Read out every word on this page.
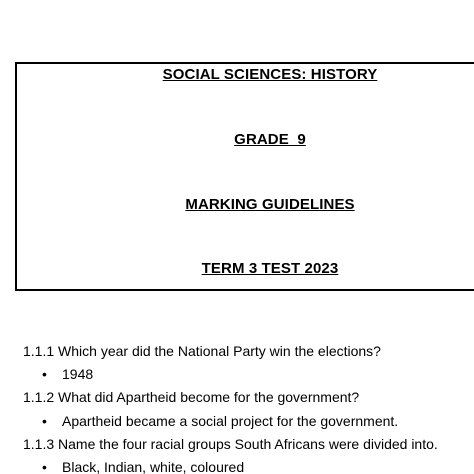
SOCIAL SCIENCES: HISTORY
GRADE  9
MARKING GUIDELINES
TERM 3 TEST 2023
1.1.1 Which year did the National Party win the elections?
• 1948
1.1.2 What did Apartheid become for the government?
• Apartheid became a social project for the government.
1.1.3 Name the four racial groups South Africans were divided into.
• Black, Indian, white, coloured
